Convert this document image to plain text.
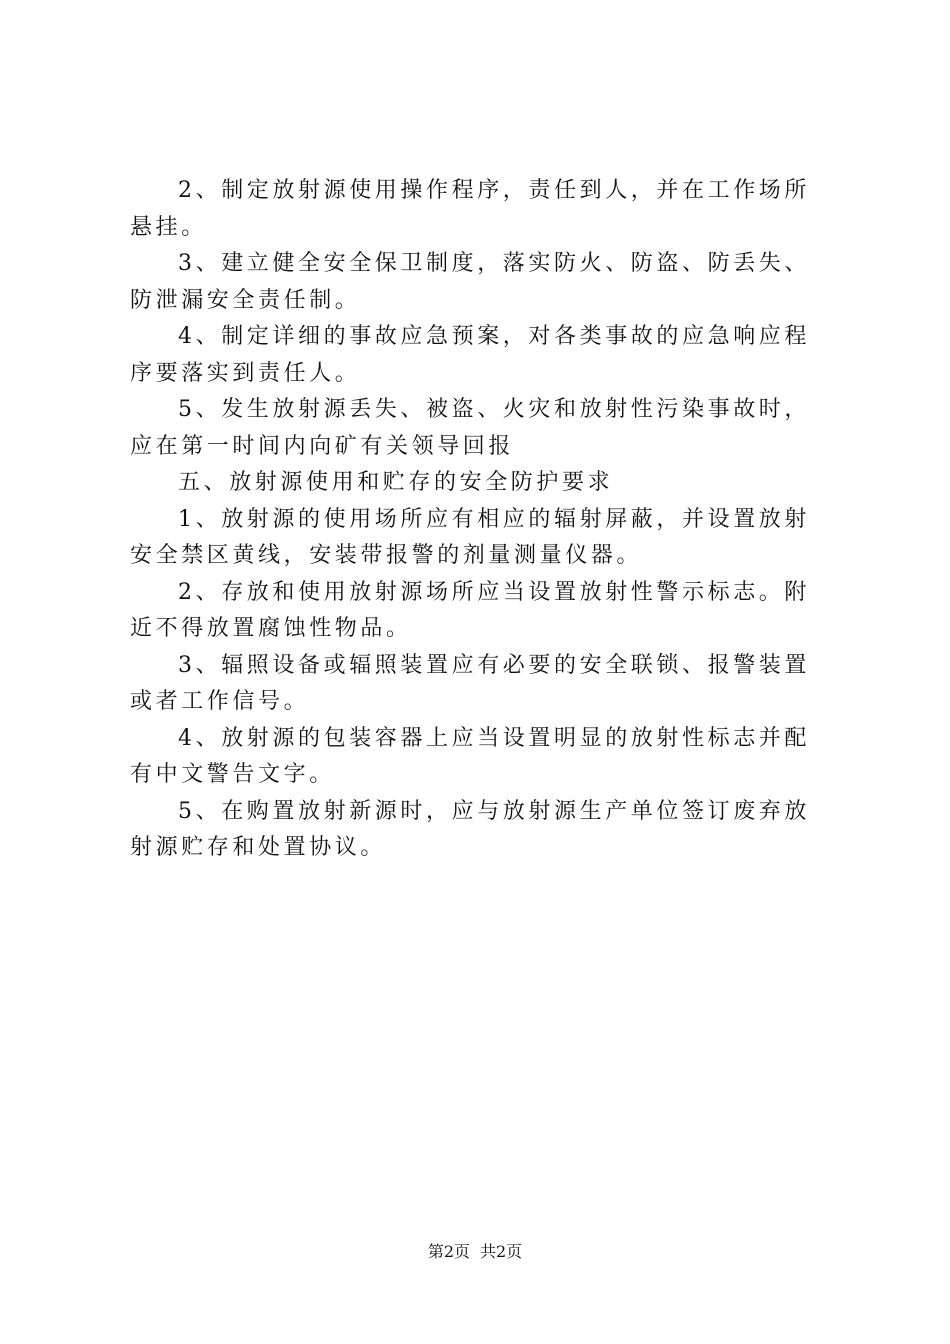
2、制定放射源使用操作程序，责任到人，并在工作场所悬挂。

3、建立健全安全保卫制度，落实防火、防盗、防丢失、防泄漏安全责任制。

4、制定详细的事故应急预案，对各类事故的应急响应程序要落实到责任人。

5、发生放射源丢失、被盗、火灾和放射性污染事故时，应在第一时间内向矿有关领导回报

五、放射源使用和贮存的安全防护要求

1、放射源的使用场所应有相应的辐射屏蔽，并设置放射安全禁区黄线，安装带报警的剂量测量仪器。

2、存放和使用放射源场所应当设置放射性警示标志。附近不得放置腐蚀性物品。

3、辐照设备或辐照装置应有必要的安全联锁、报警装置或者工作信号。

4、放射源的包装容器上应当设置明显的放射性标志并配有中文警告文字。

5、在购置放射新源时，应与放射源生产单位签订废弃放射源贮存和处置协议。

第2页 共2页
